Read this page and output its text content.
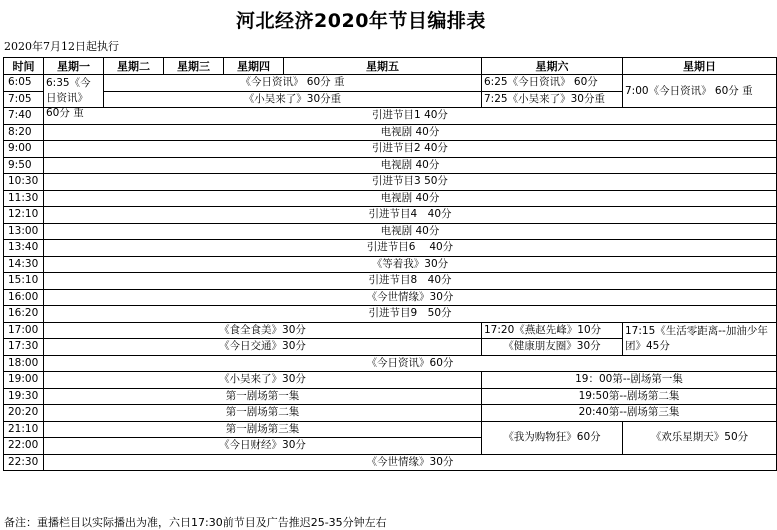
河北经济2020年节目编排表
2020年7月12日起执行
时间	星期一	星期二	星期三	星期四	星期五	星期六	星期日
6:05	6:35《今日资讯》60分 重	《今日资讯》 60分 重				6:25《今日资讯》 60分	7:00《今日资讯》 60分 重
7:05		《小吴来了》30分重				7:25《小吴来了》30分重	
7:40	引进节目1 40分						
8:20	电视剧 40分						
9:00	引进节目2 40分						
9:50	电视剧 40分						
10:30	引进节目3 50分						
11:30	电视剧 40分						
12:10	引进节目4　40分						
13:00	电视剧 40分						
13:40	引进节目6　 40分						
14:30	《等着我》30分						
15:10	引进节目8　40分						
16:00	《今世情缘》30分						
16:20	引进节目9　50分						
17:00	《食全食美》30分					17:20《燕赵先峰》10分	17:15《生活零距离--加油少年团》45分
17:30	《今日交通》30分					《健康朋友圈》30分	
18:00	《今日资讯》60分						
19:00	《小吴来了》30分					19：00第--剧场第一集	
19:30	第一剧场第一集					19:50第--剧场第二集	
20:20	第一剧场第二集					20:40第--剧场第三集	
21:10	第一剧场第三集					《我为购物狂》60分	《欢乐星期天》50分
22:00	《今日财经》30分						
22:30	《今世情缘》30分						
备注：重播栏目以实际播出为准，六日17:30前节目及广告推迟25-35分钟左右
